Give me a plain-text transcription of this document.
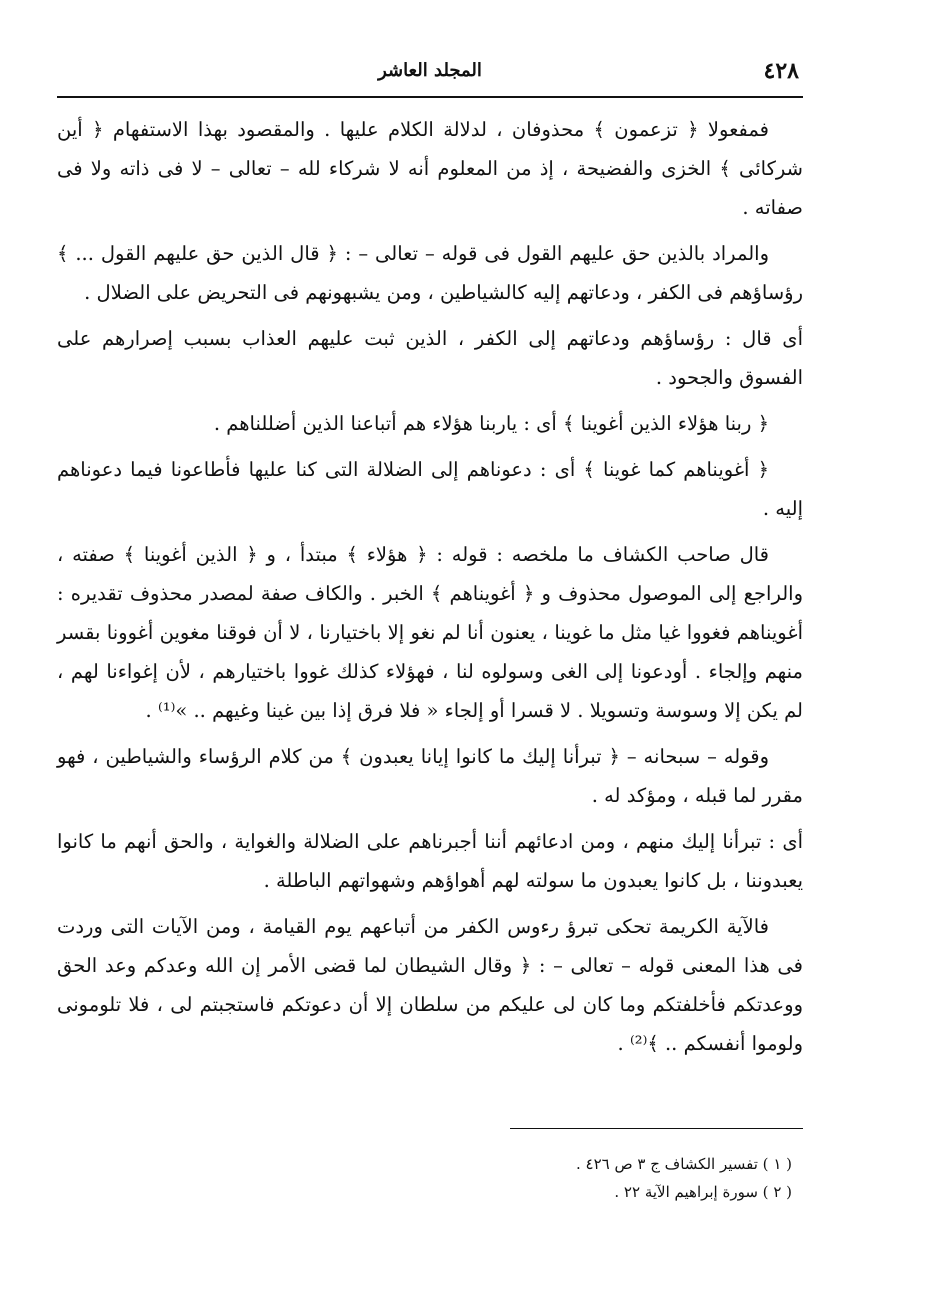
٤٢٨
المجلد العاشر

فمفعولا ﴿ تزعمون ﴾ محذوفان ، لدلالة الكلام عليها . والمقصود بهذا الاستفهام ﴿ أين شركائى ﴾ الخزى والفضيحة ، إذ من المعلوم أنه لا شركاء لله – تعالى – لا فى ذاته ولا فى صفاته .

والمراد بالذين حق عليهم القول فى قوله – تعالى – : ﴿ قال الذين حق عليهم القول ... ﴾ رؤساؤهم فى الكفر ، ودعاتهم إليه كالشياطين ، ومن يشبهونهم فى التحريض على الضلال .

أى قال : رؤساؤهم ودعاتهم إلى الكفر ، الذين ثبت عليهم العذاب بسبب إصرارهم على الفسوق والجحود .

﴿ ربنا هؤلاء الذين أغوينا ﴾ أى : ياربنا هؤلاء هم أتباعنا الذين أضللناهم .

﴿ أغويناهم كما غوينا ﴾ أى : دعوناهم إلى الضلالة التى كنا عليها فأطاعونا فيما دعوناهم إليه .

قال صاحب الكشاف ما ملخصه : قوله : ﴿ هؤلاء ﴾ مبتدأ ، و ﴿ الذين أغوينا ﴾ صفته ، والراجع إلى الموصول محذوف و ﴿ أغويناهم ﴾ الخبر . والكاف صفة لمصدر محذوف تقديره : أغويناهم فغووا غيا مثل ما غوينا ، يعنون أنا لم نغو إلا باختيارنا ، لا أن فوقنا مغوين أغوونا بقسر منهم وإلجاء . أودعونا إلى الغى وسولوه لنا ، فهؤلاء كذلك غووا باختيارهم ، لأن إغواءنا لهم ، لم يكن إلا وسوسة وتسويلا . لا قسرا أو إلجاء « فلا فرق إذا بين غينا وغيهم .. »⁽¹⁾ .

وقوله – سبحانه – ﴿ تبرأنا إليك ما كانوا إيانا يعبدون ﴾ من كلام الرؤساء والشياطين ، فهو مقرر لما قبله ، ومؤكد له .

أى : تبرأنا إليك منهم ، ومن ادعائهم أننا أجبرناهم على الضلالة والغواية ، والحق أنهم ما كانوا يعبدوننا ، بل كانوا يعبدون ما سولته لهم أهواؤهم وشهواتهم الباطلة .

فالآية الكريمة تحكى تبرؤ رءوس الكفر من أتباعهم يوم القيامة ، ومن الآيات التى وردت فى هذا المعنى قوله – تعالى – : ﴿ وقال الشيطان لما قضى الأمر إن الله وعدكم وعد الحق ووعدتكم فأخلفتكم وما كان لى عليكم من سلطان إلا أن دعوتكم فاستجبتم لى ، فلا تلومونى ولوموا أنفسكم .. ﴾⁽²⁾ .

( ١ ) تفسير الكشاف ج ٣ ص ٤٢٦ .

( ٢ ) سورة إبراهيم الآية ٢٢ .
